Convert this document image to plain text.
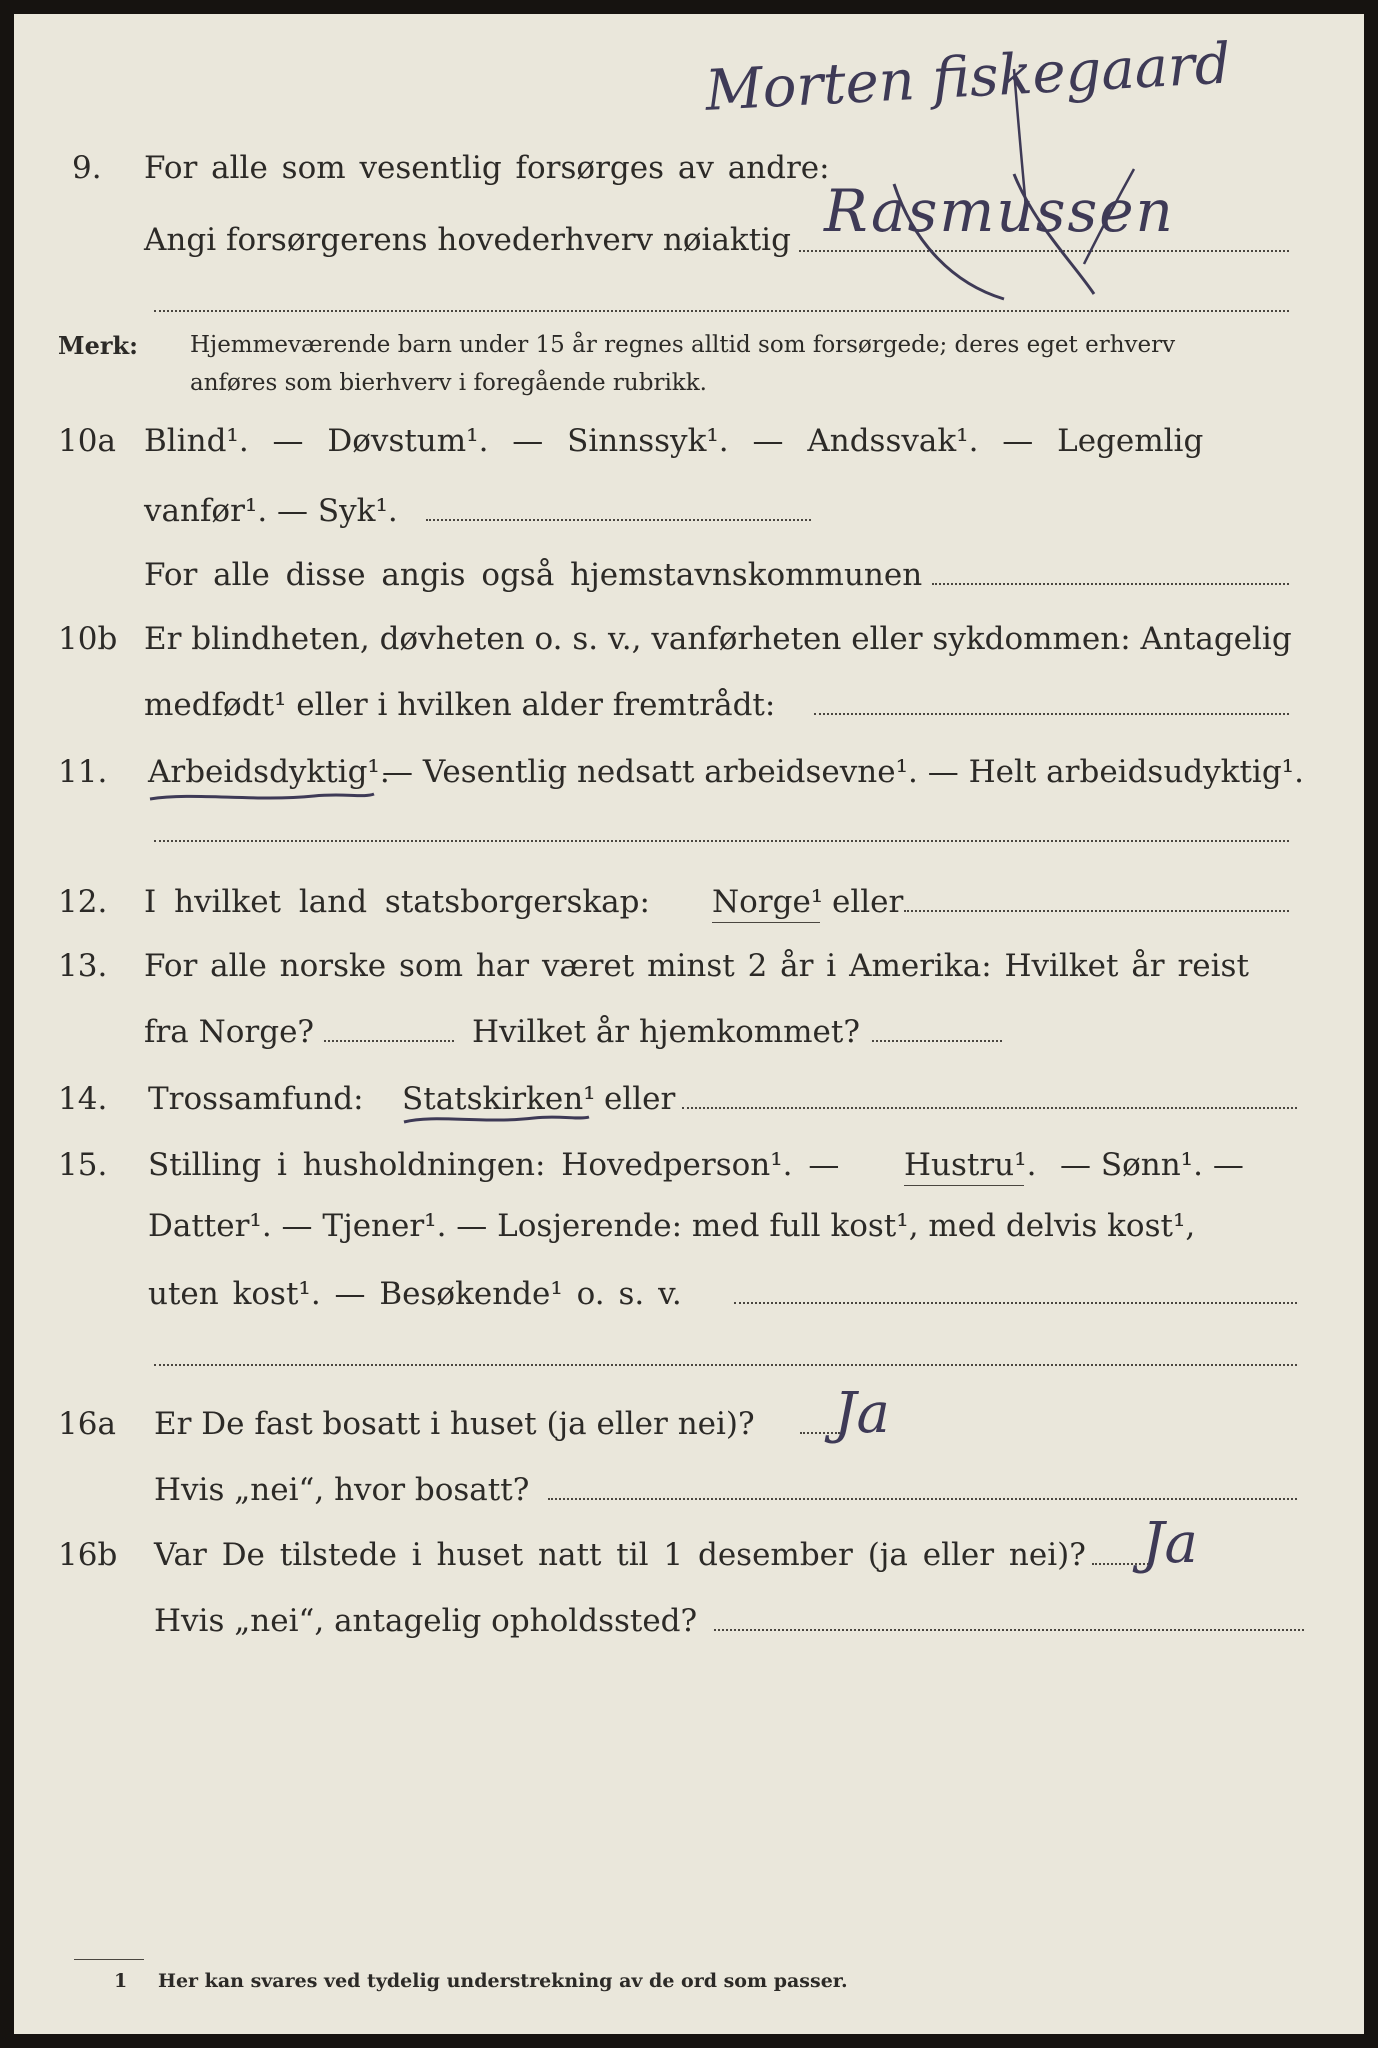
Morten fiskegaard
9. For alle som vesentlig forsørges av andre:
Angi forsørgerens hovederhverv nøiaktig Rasmussen
Merk: Hjemmeværende barn under 15 år regnes alltid som forsørgede; deres eget erhverv
anføres som bierhverv i foregående rubrikk.
10a Blind¹. — Døvstum¹. — Sinnssyk¹. — Andssvak¹. — Legemlig
vanfør¹. — Syk¹.
For alle disse angis også hjemstavnskommunen
10b Er blindheten, døvheten o. s. v., vanførheten eller sykdommen: Antagelig
medfødt¹ eller i hvilken alder fremtrådt:
11. Arbeidsdyktig¹.
— Vesentlig nedsatt arbeidsevne¹. — Helt arbeidsudyktig¹.
12. I hvilket land statsborgerskap: Norge¹ eller
13. For alle norske som har været minst 2 år i Amerika: Hvilket år reist
fra Norge?	Hvilket år hjemkommet?
14. Trossamfund: Statskirken¹ eller
15. Stilling i husholdningen: Hovedperson¹. — Hustru¹. — Sønn¹. —
Datter¹. — Tjener¹. — Losjerende: med full kost¹, med delvis kost¹,
uten kost¹. — Besøkende¹ o. s. v.
16a Er De fast bosatt i huset (ja eller nei)? Ja
Hvis „nei“, hvor bosatt?
16b Var De tilstede i huset natt til 1 desember (ja eller nei)? Ja
Hvis „nei“, antagelig opholdssted?
1 Her kan svares ved tydelig understrekning av de ord som passer.
